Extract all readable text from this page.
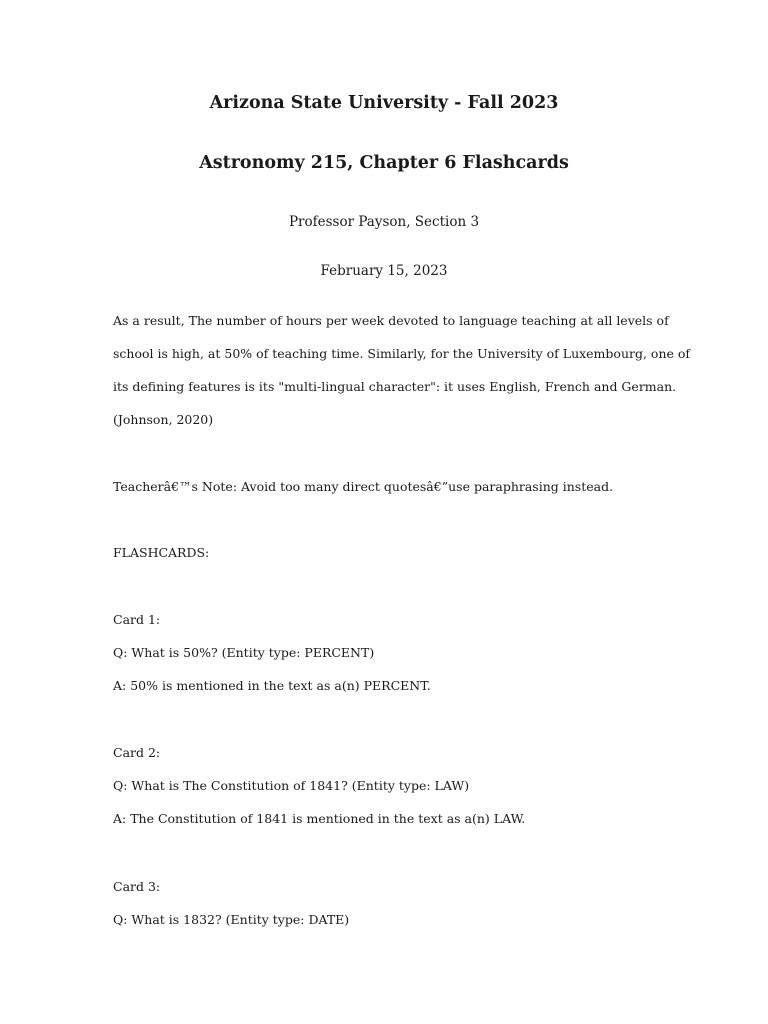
Arizona State University - Fall 2023
Astronomy 215, Chapter 6 Flashcards
Professor Payson, Section 3
February 15, 2023
As a result, The number of hours per week devoted to language teaching at all levels of
school is high, at 50% of teaching time. Similarly, for the University of Luxembourg, one of
its defining features is its "multi-lingual character": it uses English, French and German.
(Johnson, 2020)
Teacherâ€™s Note: Avoid too many direct quotesâ€”use paraphrasing instead.
FLASHCARDS:
Card 1:
Q: What is 50%? (Entity type: PERCENT)
A: 50% is mentioned in the text as a(n) PERCENT.
Card 2:
Q: What is The Constitution of 1841? (Entity type: LAW)
A: The Constitution of 1841 is mentioned in the text as a(n) LAW.
Card 3:
Q: What is 1832? (Entity type: DATE)
